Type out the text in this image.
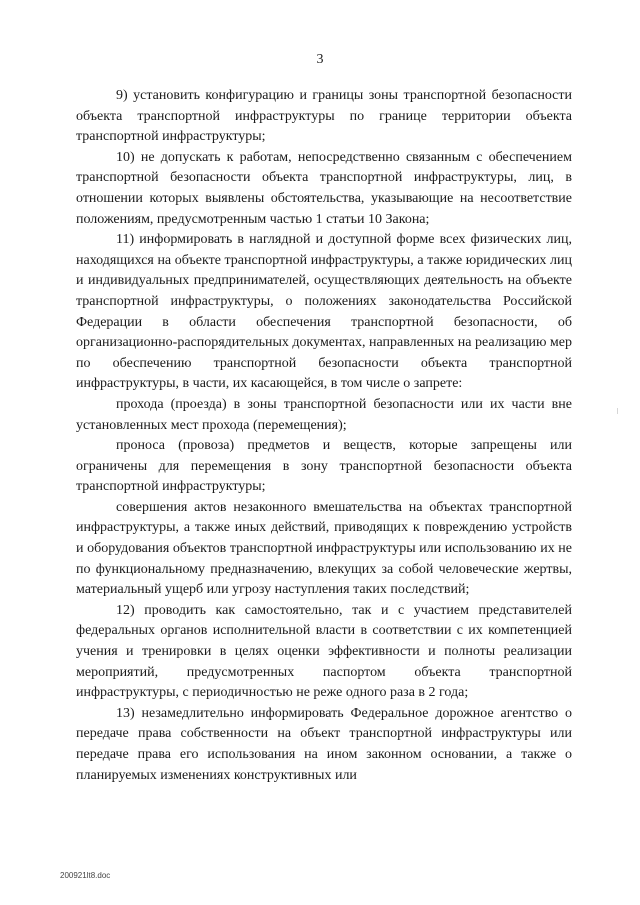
3

9) установить конфигурацию и границы зоны транспортной безопасности объекта транспортной инфраструктуры по границе территории объекта транспортной инфраструктуры;

10) не допускать к работам, непосредственно связанным с обеспечением транспортной безопасности объекта транспортной инфраструктуры, лиц, в отношении которых выявлены обстоятельства, указывающие на несоответствие положениям, предусмотренным частью 1 статьи 10 Закона;

11) информировать в наглядной и доступной форме всех физических лиц, находящихся на объекте транспортной инфраструктуры, а также юридических лиц и индивидуальных предпринимателей, осуществляющих деятельность на объекте транспортной инфраструктуры, о положениях законодательства Российской Федерации в области обеспечения транспортной безопасности, об организационно-распорядительных документах, направленных на реализацию мер по обеспечению транспортной безопасности объекта транспортной инфраструктуры, в части, их касающейся, в том числе о запрете:

прохода (проезда) в зоны транспортной безопасности или их части вне установленных мест прохода (перемещения);

проноса (провоза) предметов и веществ, которые запрещены или ограничены для перемещения в зону транспортной безопасности объекта транспортной инфраструктуры;

совершения актов незаконного вмешательства на объектах транспортной инфраструктуры, а также иных действий, приводящих к повреждению устройств и оборудования объектов транспортной инфраструктуры или использованию их не по функциональному предназначению, влекущих за собой человеческие жертвы, материальный ущерб или угрозу наступления таких последствий;

12) проводить как самостоятельно, так и с участием представителей федеральных органов исполнительной власти в соответствии с их компетенцией учения и тренировки в целях оценки эффективности и полноты реализации мероприятий, предусмотренных паспортом объекта транспортной инфраструктуры, с периодичностью не реже одного раза в 2 года;

13) незамедлительно информировать Федеральное дорожное агентство о передаче права собственности на объект транспортной инфраструктуры или передаче права его использования на ином законном основании, а также о планируемых изменениях конструктивных или

200921lt8.doc
